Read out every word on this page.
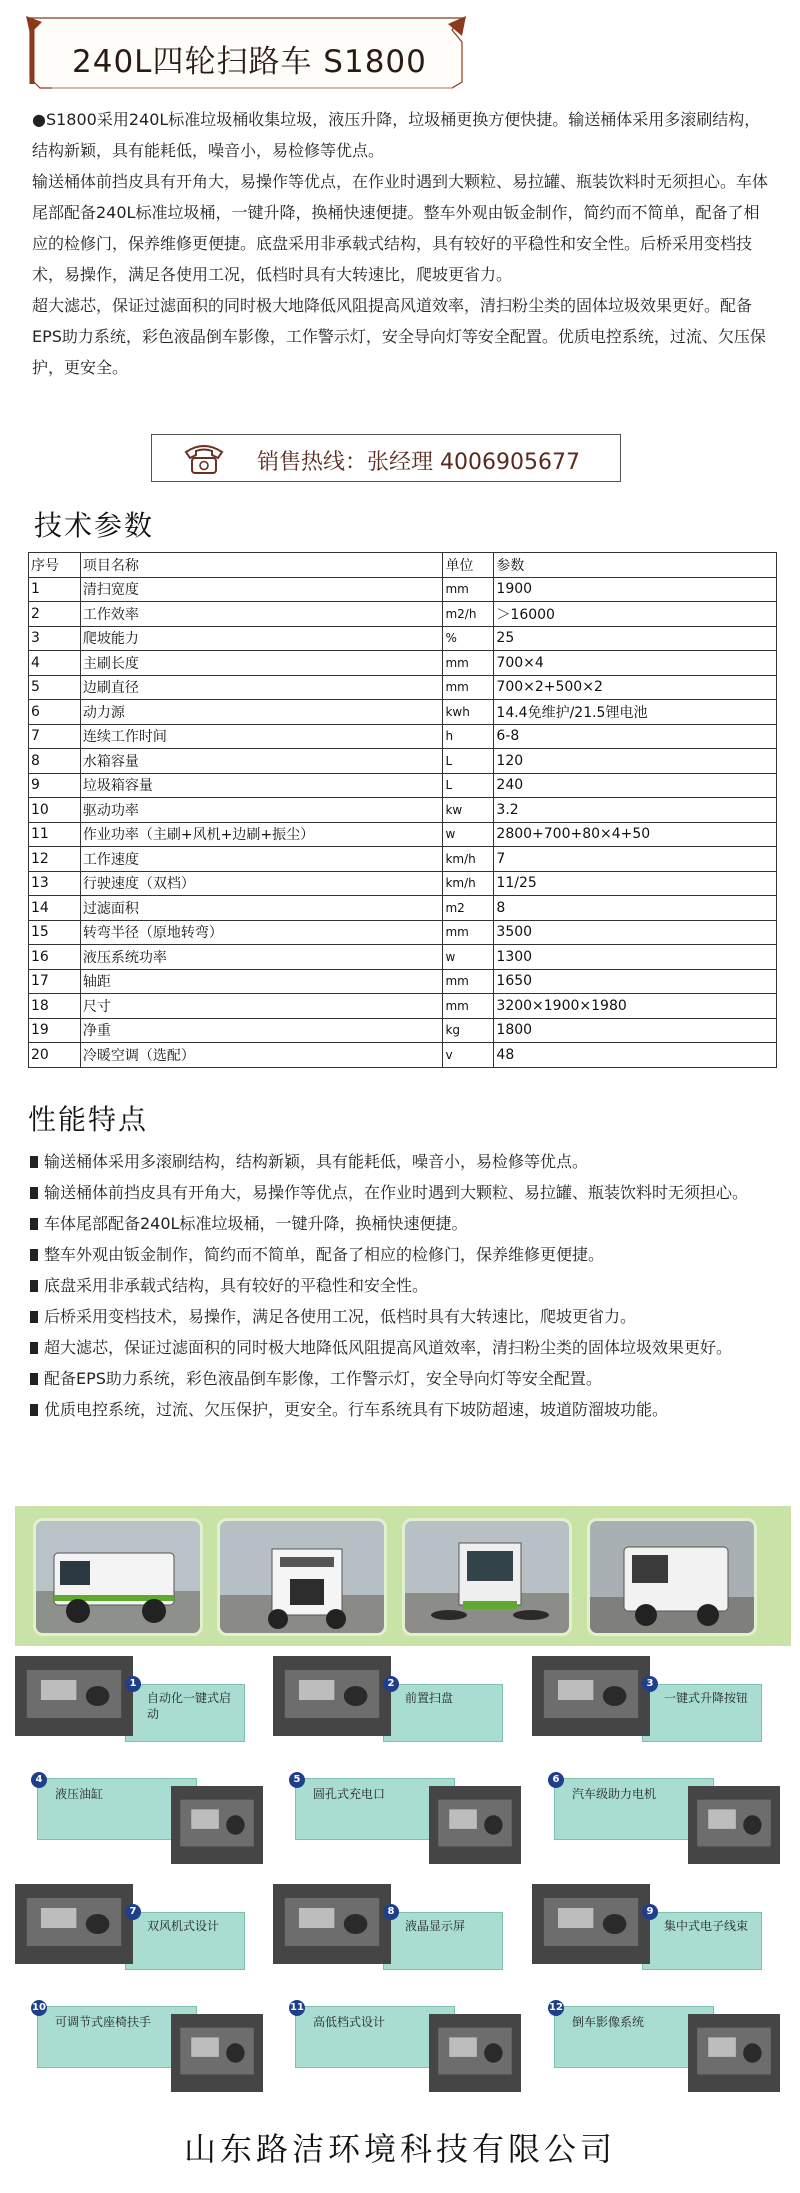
240L四轮扫路车 S1800

●S1800采用240L标准垃圾桶收集垃圾，液压升降，垃圾桶更换方便快捷。输送桶体采用多滚刷结构，结构新颖，具有能耗低，噪音小，易检修等优点。

输送桶体前挡皮具有开角大，易操作等优点，在作业时遇到大颗粒、易拉罐、瓶装饮料时无须担心。车体尾部配备240L标准垃圾桶，一键升降，换桶快速便捷。整车外观由钣金制作，简约而不简单，配备了相应的检修门，保养维修更便捷。底盘采用非承载式结构，具有较好的平稳性和安全性。后桥采用变档技术，易操作，满足各使用工况，低档时具有大转速比，爬坡更省力。

超大滤芯，保证过滤面积的同时极大地降低风阻提高风道效率，清扫粉尘类的固体垃圾效果更好。配备EPS助力系统，彩色液晶倒车影像，工作警示灯，安全导向灯等安全配置。优质电控系统，过流、欠压保护，更安全。

销售热线：张经理 4006905677
技术参数
序号	项目名称	单位	参数
1	清扫宽度	mm	1900
2	工作效率	m2/h	＞16000
3	爬坡能力	%	25
4	主刷长度	mm	700×4
5	边刷直径	mm	700×2+500×2
6	动力源	kwh	14.4免维护/21.5锂电池
7	连续工作时间	h	6-8
8	水箱容量	L	120
9	垃圾箱容量	L	240
10	驱动功率	kw	3.2
11	作业功率（主刷+风机+边刷+振尘）	w	2800+700+80×4+50
12	工作速度	km/h	7
13	行驶速度（双档）	km/h	11/25
14	过滤面积	m2	8
15	转弯半径（原地转弯）	mm	3500
16	液压系统功率	w	1300
17	轴距	mm	1650
18	尺寸	mm	3200×1900×1980
19	净重	kg	1800
20	冷暖空调（选配）	v	48
性能特点

输送桶体采用多滚刷结构，结构新颖，具有能耗低，噪音小，易检修等优点。

输送桶体前挡皮具有开角大，易操作等优点，在作业时遇到大颗粒、易拉罐、瓶装饮料时无须担心。

车体尾部配备240L标准垃圾桶，一键升降，换桶快速便捷。

整车外观由钣金制作，简约而不简单，配备了相应的检修门，保养维修更便捷。

底盘采用非承载式结构，具有较好的平稳性和安全性。

后桥采用变档技术，易操作，满足各使用工况，低档时具有大转速比，爬坡更省力。

超大滤芯，保证过滤面积的同时极大地降低风阻提高风道效率，清扫粉尘类的固体垃圾效果更好。

配备EPS助力系统，彩色液晶倒车影像，工作警示灯，安全导向灯等安全配置。

优质电控系统，过流、欠压保护，更安全。行车系统具有下坡防超速，坡道防溜坡功能。

1
自动化一键式启动
2
前置扫盘
3
一键式升降按钮
4
液压油缸
5
圆孔式充电口
6
汽车级助力电机
7
双风机式设计
8
液晶显示屏
9
集中式电子线束
10
可调节式座椅扶手
11
高低档式设计
12
倒车影像系统
山东路洁环境科技有限公司
